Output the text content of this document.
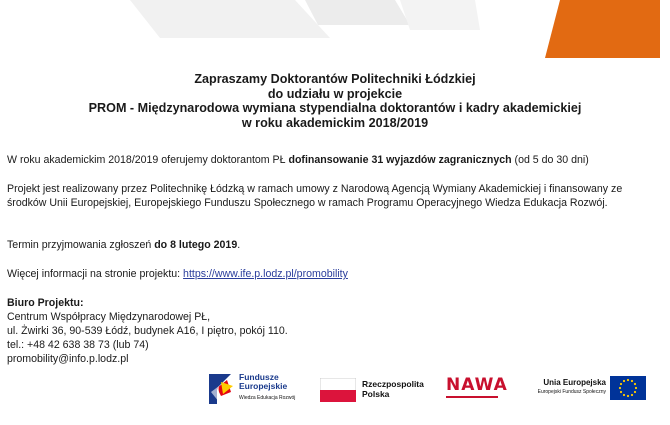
Zapraszamy Doktorantów Politechniki Łódzkiej
do udziału w projekcie
PROM - Międzynarodowa wymiana stypendialna doktorantów i kadry akademickiej
w roku akademickim 2018/2019
W roku akademickim 2018/2019 oferujemy doktorantom PŁ dofinansowanie 31 wyjazdów zagranicznych (od 5 do 30 dni)
Projekt jest realizowany przez Politechnikę Łódzką w ramach umowy z Narodową Agencją Wymiany Akademickiej i finansowany ze środków Unii Europejskiej, Europejskiego Funduszu Społecznego w ramach Programu Operacyjnego Wiedza Edukacja Rozwój.
Termin przyjmowania zgłoszeń do 8 lutego 2019.
Więcej informacji na stronie projektu: https://www.ife.p.lodz.pl/promobility
Biuro Projektu:
Centrum Współpracy Międzynarodowej PŁ,
ul. Żwirki 36, 90-539 Łódź, budynek A16, I piętro, pokój 110.
tel.: +48 42 638 38 73 (lub 74)
promobility@info.p.lodz.pl
Fundusze
Europejskie
Wiedza Edukacja Rozwój
Rzeczpospolita
Polska	NAWA	Unia Europejska
Europejski Fundusz Społeczny
